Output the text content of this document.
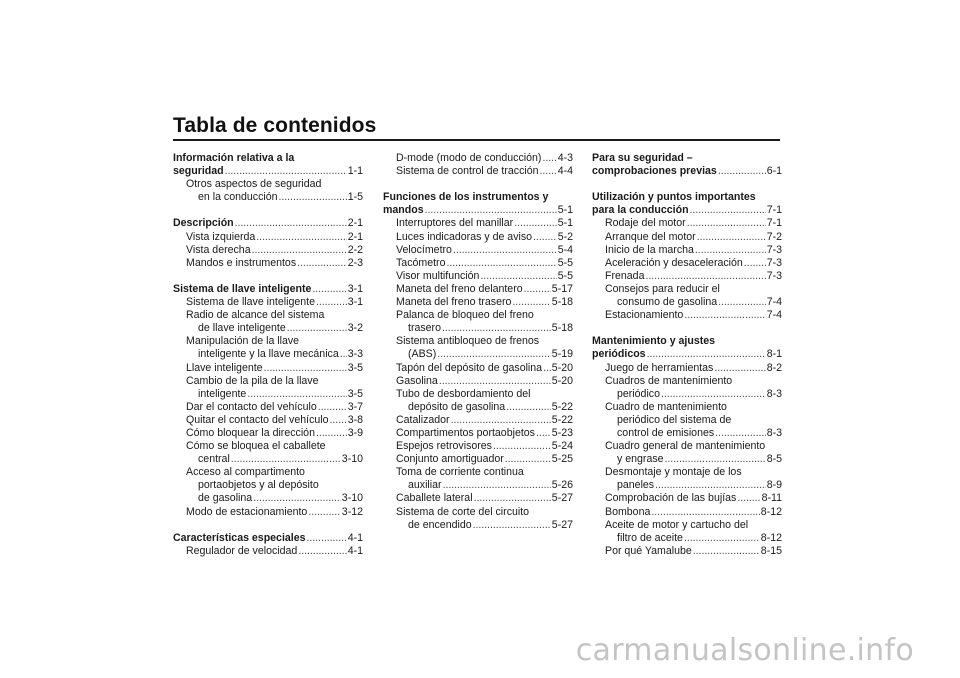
Tabla de contenidos
Información relativa a la
seguridad . . .	1-1
Otros aspectos de seguridad
en la conducción . . .	1-5
Descripción . . .	2-1
Vista izquierda . . .	2-1
Vista derecha . . .	2-2
Mandos e instrumentos . . .	2-3
Sistema de llave inteligente . . .	3-1
Sistema de llave inteligente . . .	3-1
Radio de alcance del sistema
de llave inteligente . . .	3-2
Manipulación de la llave
inteligente y la llave mecánica . . . 3-3
Llave inteligente . . .	3-5
Cambio de la pila de la llave
inteligente . . .	3-5
Dar el contacto del vehículo . . .	3-7
Quitar el contacto del vehículo . . . 3-8
Cómo bloquear la dirección . . .	3-9
Cómo se bloquea el caballete
central . . .	3-10
Acceso al compartimento
portaobjetos y al depósito
de gasolina . . .	3-10
Modo de estacionamiento . . .	3-12
Características especiales . . .	4-1
Regulador de velocidad . . .	4-1
D-mode (modo de conducción) . . . 4-3
Sistema de control de tracción . . . 4-4
Funciones de los instrumentos y
mandos . . .	5-1
Interruptores del manillar . . .	5-1
Luces indicadoras y de aviso . . . 5-2
Velocímetro . . .	5-4
Tacómetro . . .	5-5
Visor multifunción . . .	5-5
Maneta del freno delantero . . .	5-17
Maneta del freno trasero . . .	5-18
Palanca de bloqueo del freno
trasero . . .	5-18
Sistema antibloqueo de frenos
(ABS) . . .	5-19
Tapón del depósito de gasolina . . . 5-20
Gasolina . . .	5-20
Tubo de desbordamiento del
depósito de gasolina . . .	5-22
Catalizador . . .	5-22
Compartimentos portaobjetos . . . 5-23
Espejos retrovisores . . .	5-24
Conjunto amortiguador . . .	5-25
Toma de corriente continua
auxiliar . . .	5-26
Caballete lateral . . .	5-27
Sistema de corte del circuito
de encendido . . .	5-27
Para su seguridad –
comprobaciones previas . . .	6-1
Utilización y puntos importantes
para la conducción . . .	7-1
Rodaje del motor . . .	7-1
Arranque del motor . . .	7-2
Inicio de la marcha . . .	7-3
Aceleración y desaceleración . . . 7-3
Frenada . . .	7-3
Consejos para reducir el
consumo de gasolina . . .	7-4
Estacionamiento . . .	7-4
Mantenimiento y ajustes
periódicos . . .	8-1
Juego de herramientas . . .	8-2
Cuadros de mantenimiento
periódico . . .	8-3
Cuadro de mantenimiento
periódico del sistema de
control de emisiones . . .	8-3
Cuadro general de mantenimiento
y engrase . . .	8-5
Desmontaje y montaje de los
paneles . . .	8-9
Comprobación de las bujías . . . 8-11
Bombona . . .	8-12
Aceite de motor y cartucho del
filtro de aceite . . .	8-12
Por qué Yamalube . . .	8-15
carmanualsonline.info
